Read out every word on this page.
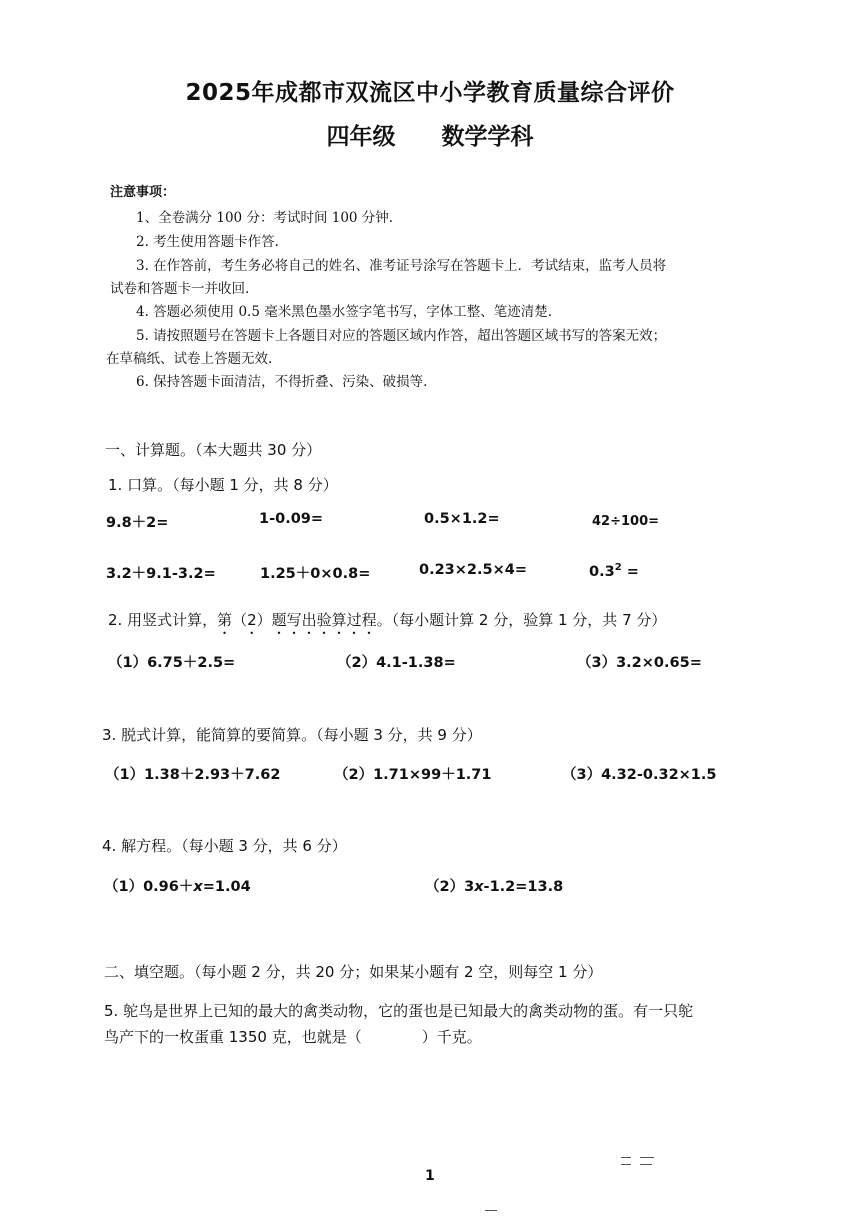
2025年成都市双流区中小学教育质量综合评价
四年级 数学学科
注意事项：
1、全卷满分 100 分：考试时间 100 分钟.
2. 考生使用答题卡作答.
3. 在作答前，考生务必将自己的姓名、准考证号涂写在答题卡上．考试结束，监考人员将
试卷和答题卡一并收回.
4. 答题必须使用 0.5 毫米黑色墨水签字笔书写，字体工整、笔迹清楚.
5. 请按照题号在答题卡上各题目对应的答题区域内作答，超出答题区域书写的答案无效；
在草稿纸、试卷上答题无效.
6. 保持答题卡面清洁，不得折叠、污染、破损等.
一、计算题。（本大题共 30 分）
1. 口算。（每小题 1 分，共 8 分）
9.8＋2=	1-0.09=	0.5×1.2=	42÷100=
3.2＋9.1-3.2=	1.25＋0×0.8=	0.23×2.5×4=	$0.3^2$ =
2. 用竖式计算，第（2）题写出验算过程。（每小题计算 2 分，验算 1 分，共 7 分）
（1）6.75＋2.5=	（2）4.1-1.38=	（3）3.2×0.65=
3. 脱式计算，能简算的要简算。（每小题 3 分，共 9 分）
（1）1.38＋2.93＋7.62	（2）1.71×99＋1.71	（3）4.32-0.32×1.5
4. 解方程。（每小题 3 分，共 6 分）
（1）0.96＋x=1.04	（2）3x-1.2=13.8
二、填空题。（每小题 2 分，共 20 分；如果某小题有 2 空，则每空 1 分）
5. 鸵鸟是世界上已知的最大的禽类动物，它的蛋也是已知最大的禽类动物的蛋。有一只鸵
鸟产下的一枚蛋重 1350 克，也就是（　　　　）千克。
1
